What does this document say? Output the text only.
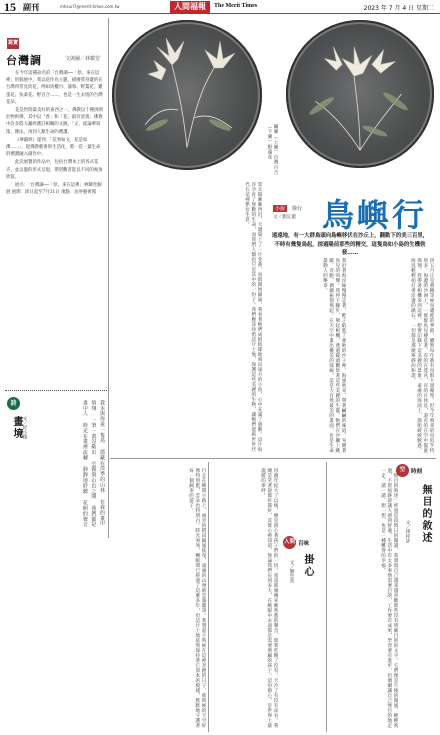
15 副刊	mhsurl7@merit-times.com.tw	人間福報	The Merit Times	2023 年 7 月 4 日 星期二
寫實
台灣調	文與圖／林耀堂

在今年這種命名的「台灣調──「原、來在這裡」的個展中，我以花作為主題，描繪我身邊的在台灣所常見的花。例如馬櫻丹、蒲莓、野薑花、雞蛋花、扶桑花、野百合……，也是一生永恆的台灣花朵。

花是世間最美好的東西之一，佛教以十種供開於物供佛，其中以「香」和「花」最有意義。佛教中許多將大藏經選註相關的文圖，「文、從論華寫蓬，佛法，再到人類生命的禮讚。

《華嚴經》提到：「花事如文，花是如佛……」，從佛教藝術與生活化，將一花一葉生命的禮讚融入創作中。

此次展覽的作品中，包括台灣本土的各式花卉，並以盤的形式呈現，期望觀者能以不同的視角欣賞。

展名：「台灣調──「原、來在這裡」林耀堂個展 展期：即日起至7月31日 地點：法界藝術館

詩
畫境 文／紀小樣	我本與你重一隻鳥 隱藏在淡季的山林 在我的畫中飛翔 一筆一畫勾勒出 雲霧與山色之間 我們都是畫中人 時光在畫裡流轉 靜靜地聆聽 花開的聲音
繡圖（上圖）台灣百合 （下圖）野薑花
小說	徐行
文／劉定蕙 鳥嶼行
遠遠地，有一大群鳥頭向島嶼移伏在沙丘上，翻動下的美三百里，不時有幾隻鳥起，掠過陽前那些的精交，這隻鳥如小島的生機勃發……
四五月正是燕鷗等候鳥遷徙的季節，雖然每年都有鳥群大量聚集，但今年飛來的鳥似乎特別多。海邊的沙洲上，一群群鳥兒棲息著，有的在覓食，有的在休息，還有的在空中盤旋飛翔。我帶著相機來到這裡，想要記錄下這美麗的景象。遠處的海面上，漁船緩緩駛過，海浪輕輕拍打著岸邊的礁石，一切都是那麼寧靜而和諧。
我沿著海岸線慢慢走著，鞋子陷進了柔軟的沙子裡。海風吹來，帶著鹹鹹的味道，夾雜著鳥兒的叫聲。我停下腳步，舉起相機，透過鏡頭觀察著這些美麗的生靈。牠們在沙灘上跳躍、奔跑，偶爾振翅飛起，在天空中畫出優美的弧線。這是大自然最美的畫面，也是生命最動人的樂章。
當太陽漸漸西沉，天邊染上了一片金黃，鳥群開始歸巢。我看著牠們成群結隊地飛向遠方的小島，心中充滿了感動。這片海洋孕育了無數的生命，而我們人類也只是其中的一份子。我們應該珍惜這片土地，保護這些美麗的生物，讓牠們能夠世世代代在這裡繁衍生息。
空	時刻
無目的敘述
文／孫梓評
「無目的敘述」經過這段時日的閱讀，我發現自己越來越喜歡那些沒有明確目的的文字。它們像是午後的微風，輕輕吹過，不留痕跡卻讓人感到舒適。生活中有太多事情需要目的，工作要有成果，學習要有進步，但偶爾讓自己無目的地走一走、讀一讀、想一想，也是一種難得的幸福。
人間 百味
掛心
文／劉雲亮
母親年紀大了以後，總是掛心著孩子們的一切。電話那頭傳來她熟悉的聲音，問我吃飽了沒有，天冷了有沒有添衣。我總是笑著說都好都好，其實心裡知道，無論我們長到多大，在她眼中永遠都是需要照顧的孩子。這份掛心，是世界上最溫暖的牽絆。
行走在鄉間小路上，兩旁的稻田隨風搖曳，遠處的山巒被雲霧籠罩。我想起小時候在這裡奔跑的日子，那時候的天空好像特別藍，雲朵也特別白。時光匆匆，轉眼間已經過了這麼多年，但這片土地依然保持著它原本的模樣，默默地守護著每一個歸來的遊子。
